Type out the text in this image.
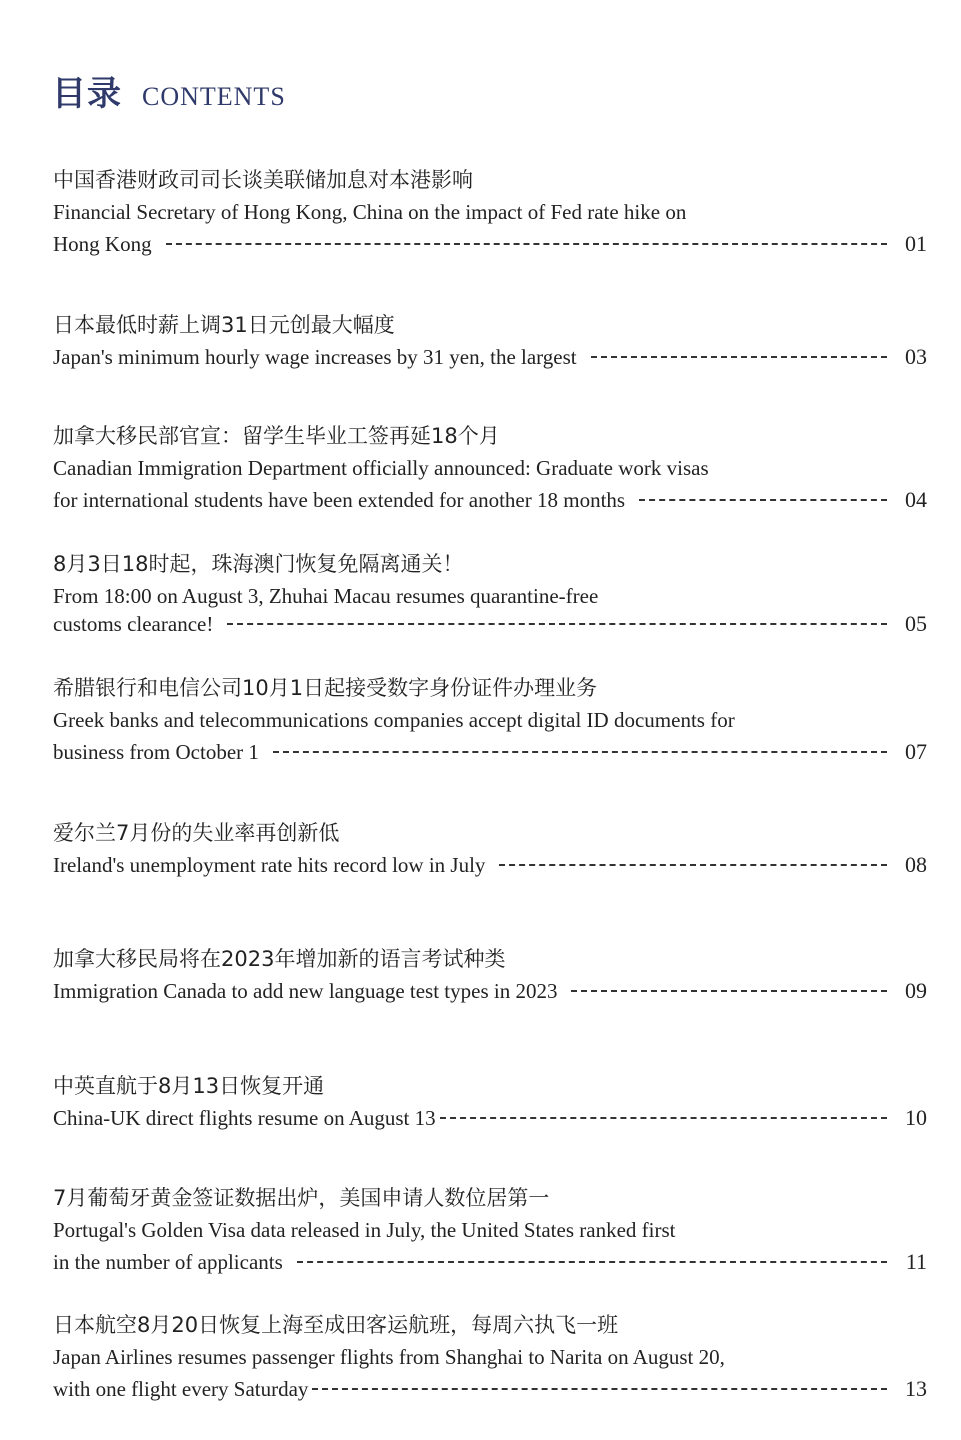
目录 CONTENTS
中国香港财政司司长谈美联储加息对本港影响
Financial Secretary of Hong Kong, China on the impact of Fed rate hike on
Hong Kong	01
日本最低时薪上调31日元创最大幅度
Japan's minimum hourly wage increases by 31 yen, the largest	03
加拿大移民部官宣：留学生毕业工签再延18个月
Canadian Immigration Department officially announced: Graduate work visas
for international students have been extended for another 18 months	04
8月3日18时起，珠海澳门恢复免隔离通关！
From 18:00 on August 3, Zhuhai Macau resumes quarantine-free
customs clearance!	05
希腊银行和电信公司10月1日起接受数字身份证件办理业务
Greek banks and telecommunications companies accept digital ID documents for
business from October 1	07
爱尔兰7月份的失业率再创新低
Ireland's unemployment rate hits record low in July	08
加拿大移民局将在2023年增加新的语言考试种类
Immigration Canada to add new language test types in 2023	09
中英直航于8月13日恢复开通
China-UK direct flights resume on August 13	10
7月葡萄牙黄金签证数据出炉，美国申请人数位居第一
Portugal's Golden Visa data released in July, the United States ranked first
in the number of applicants	11
日本航空8月20日恢复上海至成田客运航班，每周六执飞一班
Japan Airlines resumes passenger flights from Shanghai to Narita on August 20,
with one flight every Saturday	13
